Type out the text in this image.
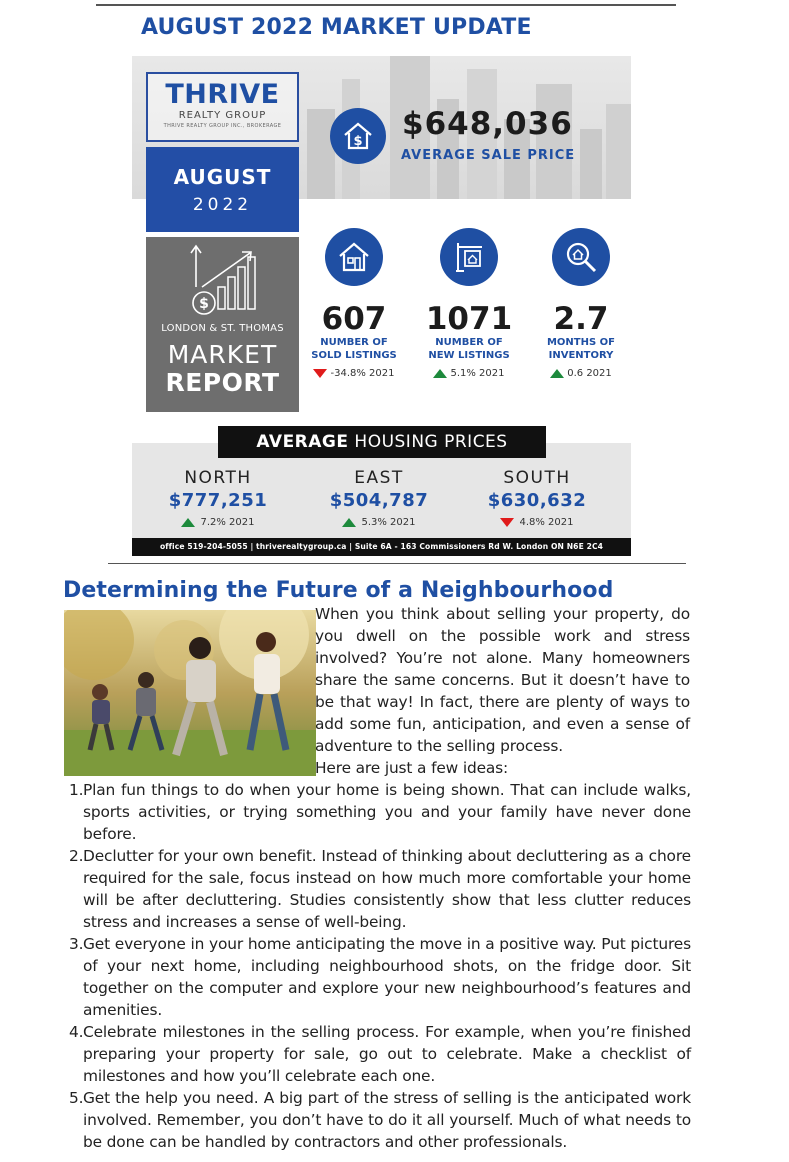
AUGUST 2022 MARKET UPDATE
THRIVE
REALTY GROUP
THRIVE REALTY GROUP INC., BROKERAGE
$ $648,036
AVERAGE SALE PRICE
AUGUST
2022
$
LONDON & ST. THOMAS
MARKET
REPORT
607
NUMBER OF
SOLD LISTINGS
-34.8% 2021
1071
NUMBER OF
NEW LISTINGS
5.1% 2021
2.7
MONTHS OF
INVENTORY
0.6 2021
NORTH
$777,251
7.2% 2021
EAST
$504,787
5.3% 2021
SOUTH
$630,632
4.8% 2021
AVERAGE HOUSING PRICES
office 519-204-5055 | thriverealtygroup.ca | Suite 6A - 163 Commissioners Rd W. London ON N6E 2C4
Determining the Future of a Neighbourhood

When you think about selling your property, do you dwell on the possible work and stress involved? You’re not alone. Many homeowners share the same concerns. But it doesn’t have to be that way! In fact, there are plenty of ways to add some fun, anticipation, and even a sense of adventure to the selling process.

Here are just a few ideas:

1. Plan fun things to do when your home is being shown. That can include walks, sports activities, or trying something you and your family have never done before.
2. Declutter for your own benefit. Instead of thinking about decluttering as a chore required for the sale, focus instead on how much more comfortable your home will be after decluttering. Studies consistently show that less clutter reduces stress and increases a sense of well-being.
3. Get everyone in your home anticipating the move in a positive way. Put pictures of your next home, including neighbourhood shots, on the fridge door. Sit together on the computer and explore your new neighbourhood’s features and amenities.
4. Celebrate milestones in the selling process. For example, when you’re finished preparing your property for sale, go out to celebrate. Make a checklist of milestones and how you’ll celebrate each one.
5. Get the help you need. A big part of the stress of selling is the anticipated work involved. Remember, you don’t have to do it all yourself. Much of what needs to be done can be handled by contractors and other professionals.
